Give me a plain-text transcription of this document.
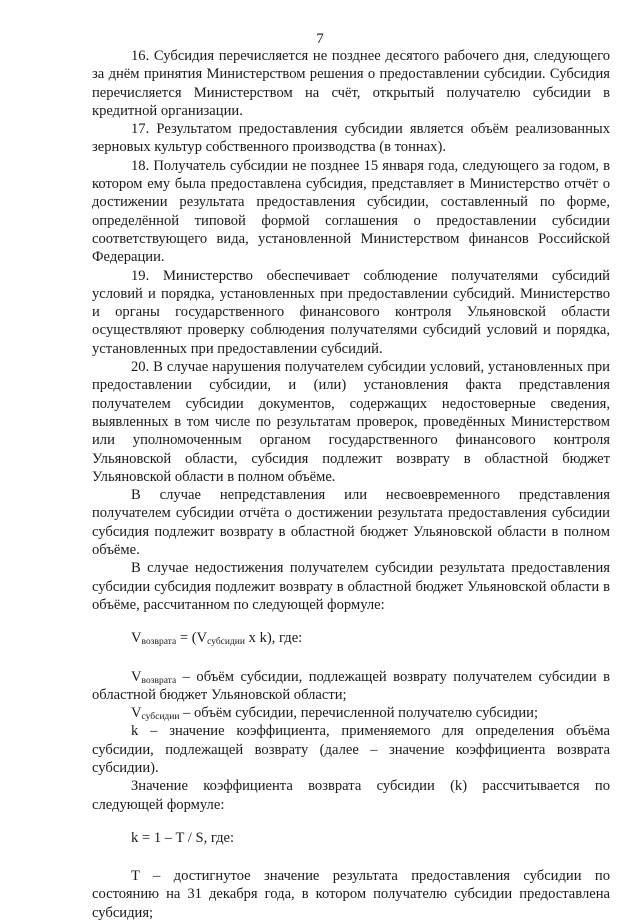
7

16. Субсидия перечисляется не позднее десятого рабочего дня, следующего за днём принятия Министерством решения о предоставлении субсидии. Субсидия перечисляется Министерством на счёт, открытый получателю субсидии в кредитной организации.

17. Результатом предоставления субсидии является объём реализованных зерновых культур собственного производства (в тоннах).

18. Получатель субсидии не позднее 15 января года, следующего за годом, в котором ему была предоставлена субсидия, представляет в Министерство отчёт о достижении результата предоставления субсидии, составленный по форме, определённой типовой формой соглашения о предоставлении субсидии соответствующего вида, установленной Министерством финансов Российской Федерации.

19. Министерство обеспечивает соблюдение получателями субсидий условий и порядка, установленных при предоставлении субсидий. Министерство и органы государственного финансового контроля Ульяновской области осуществляют проверку соблюдения получателями субсидий условий и порядка, установленных при предоставлении субсидий.

20. В случае нарушения получателем субсидии условий, установленных при предоставлении субсидии, и (или) установления факта представления получателем субсидии документов, содержащих недостоверные сведения, выявленных в том числе по результатам проверок, проведённых Министерством или уполномоченным органом государственного финансового контроля Ульяновской области, субсидия подлежит возврату в областной бюджет Ульяновской области в полном объёме.

В случае непредставления или несвоевременного представления получателем субсидии отчёта о достижении результата предоставления субсидии субсидия подлежит возврату в областной бюджет Ульяновской области в полном объёме.

В случае недостижения получателем субсидии результата предоставления субсидии субсидия подлежит возврату в областной бюджет Ульяновской области в объёме, рассчитанном по следующей формуле:

$V_{возврата} = (V_{субсидии}$ x k), где:

$V_{возврата}$ – объём субсидии, подлежащей возврату получателем субсидии в областной бюджет Ульяновской области;

$V_{субсидии}$ – объём субсидии, перечисленной получателю субсидии;

k – значение коэффициента, применяемого для определения объёма субсидии, подлежащей возврату (далее – значение коэффициента возврата субсидии).

Значение коэффициента возврата субсидии (k) рассчитывается по следующей формуле:

k = 1 – T / S, где:

T – достигнутое значение результата предоставления субсидии по состоянию на 31 декабря года, в котором получателю субсидии предоставлена субсидия;
